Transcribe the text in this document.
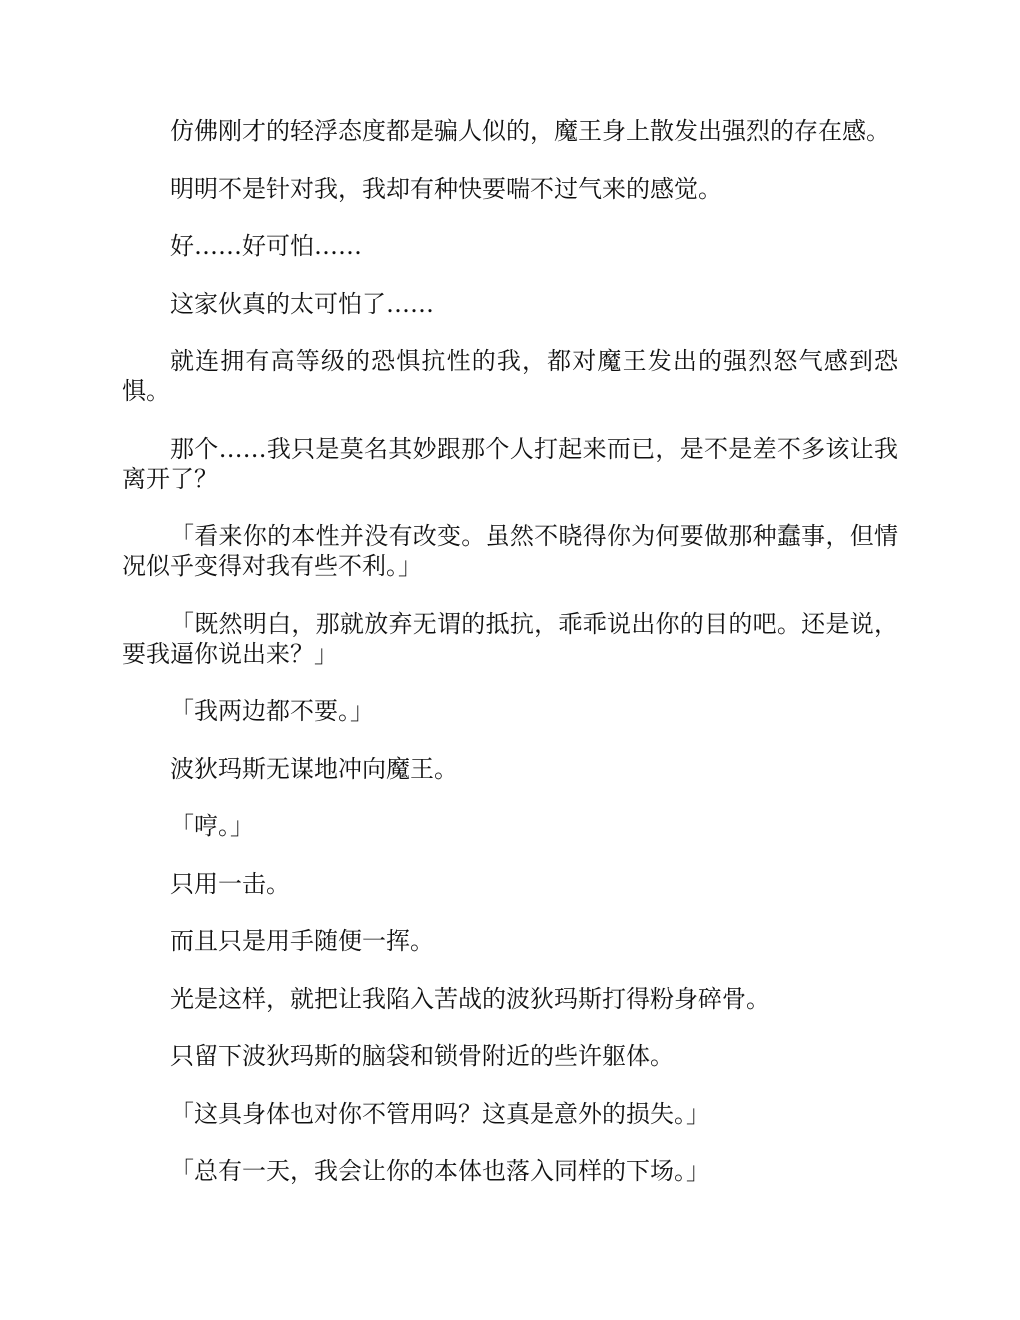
仿佛刚才的轻浮态度都是骗人似的，魔王身上散发出强烈的存在感。

明明不是针对我，我却有种快要喘不过气来的感觉。

好……好可怕……

这家伙真的太可怕了……

就连拥有高等级的恐惧抗性的我，都对魔王发出的强烈怒气感到恐惧。

那个……我只是莫名其妙跟那个人打起来而已，是不是差不多该让我离开了？

「看来你的本性并没有改变。虽然不晓得你为何要做那种蠢事，但情况似乎变得对我有些不利。」

「既然明白，那就放弃无谓的抵抗，乖乖说出你的目的吧。还是说，要我逼你说出来？」

「我两边都不要。」

波狄玛斯无谋地冲向魔王。

「哼。」

只用一击。

而且只是用手随便一挥。

光是这样，就把让我陷入苦战的波狄玛斯打得粉身碎骨。

只留下波狄玛斯的脑袋和锁骨附近的些许躯体。

「这具身体也对你不管用吗？这真是意外的损失。」

「总有一天，我会让你的本体也落入同样的下场。」
